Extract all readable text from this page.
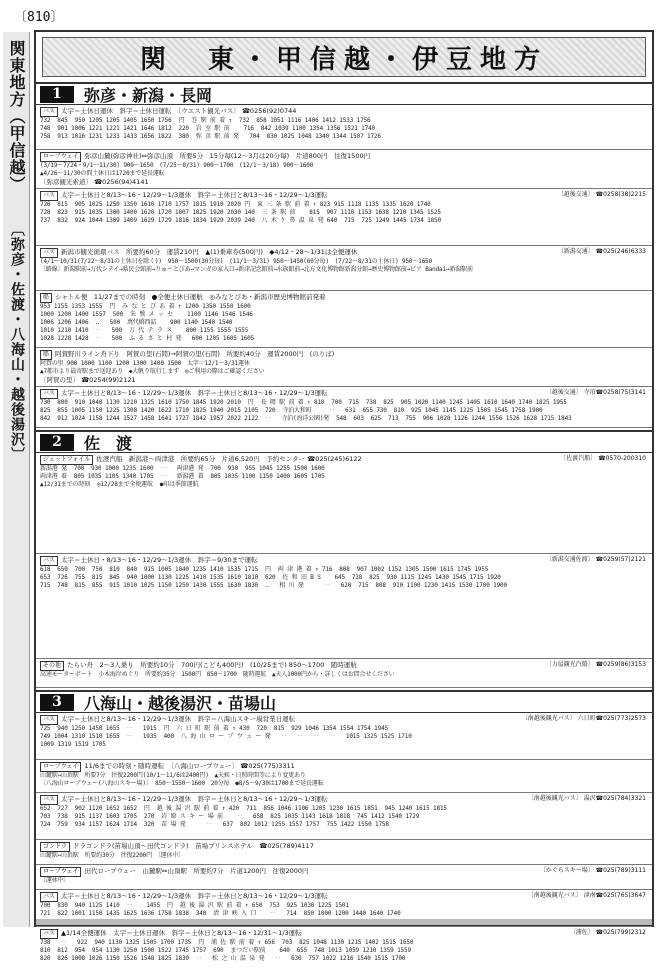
〔810〕
関東地方（甲信越）
〔弥彦・佐渡・八海山・越後湯沢〕
関　東・甲信越・伊豆地方
1	弥彦・新潟・長岡
バス 太字＝土休日運休　斜字＝土休日運転　〔ウエスト観光バス〕 ☎0256(92)0744
732  845  950 1205 1205 1405 1650 1756  円  巻 駅 前 着 ↑  732  858 1051 1116 1406 1412 1533 1756
748  901 1006 1221 1221 1421 1646 1812  220  岩 室 駅 前    716  842 1039 1100 1354 1356 1521 1740
758  913 1016 1231 1233 1433 1656 1822  380  弥 彦 駅 前 発   704  830 1025 1048 1340 1344 1507 1726
ロープウェイ 弥彦山麓(弥彦神社)⇔弥彦山頂　所要5分　15分毎(12〜3月は20分毎)　片道800円　往復1500円
(3/19〜7/24・9/1〜11/30) 900〜1650　(7/25〜8/31) 900〜1700　(12/1〜3/18) 900〜1600
▲4/26〜11/30の間土休日は1720まで延長運転
〔弥彦観光索道〕 ☎0256(94)4141
バス 太字＝土休日と8/13〜16・12/29〜1/3運休　斜字＝土休日と8/13〜16・12/29〜1/3運転
720  815  905 1025 1250 1350 1610 1710 1757 1815 1910 2020 円  東 三 条 駅 前 着 ↑ 823 915 1118 1135 1335 1620 1740
728  823  915 1035 1300 1400 1620 1720 1807 1825 1920 2030 140  三 条 駅 前    815  907 1110 1153 1638 1210 1345 1525
737  832  924 1044 1309 1409 1629 1729 1816 1834 1929 2039 240  八 木 ケ 鼻 温 泉 発 640  715  725 1249 1445 1734 1850
〔越後交通〕 ☎0258(38)2215
バス 新潟市観光循環バス　所要約60分　運賃210円　▲(1)乗車券(500円)　◆4/12・28〜1/31は全便運休
(4/1〜10/31(7/22〜8/31の土休日を除く))　950〜1500(30分毎)　(11/1〜3/31) 950〜1450(60分毎)　(7/22〜8/31の土休日) 950〜1650
〔路線〕新潟駅前→万代シテイ→県民会館前→りゅーとぴあ→マンガの家入口→新津記念館前→水族館前→北方文化博物館新潟分館→歴史博物館前→ピア Bandai→新潟駅前
〔新潟交通〕 ☎025(246)6333
船 シャトル便　11/27までの時刻　●全便土休日運航　◎みなとぴあ・新潟市歴史博物館前発着
953 1155 1353 1555  円  み な と ぴ あ 着 ↑ 1200 1350 1550 1600
1000 1200 1400 1557  500  朱 鷺 メ ッ セ    1100 1146 1546 1546
1006 1206 1406  ‥   500  萬代橋西詰    900 1140 1540 1540
1010 1210 1410  ‥   500  万 代 テ ラ ス    800 1155 1555 1555
1028 1228 1428  ‥   500  ふ る さ と 村 発   600 1205 1605 1605
船 阿賀野川ライン舟下り　阿賀の里(石間)→阿賀の里(石間)　所要約40分　運賃2000円　(のりば)
阿賀の里 900 1000 1100 1200 1300 1400 1500　太字＝12/1〜3/31運休
▲7都市より最寄駅まで送迎あり　◆大帆り航行します　◎ご利用の際はご確認ください
〔阿賀の里〕 ☎0254(99)2121
バス 太字＝土休日と8/13〜16・12/29〜1/3運休　斜字＝土休日と8/13〜16・12/29〜1/3運転
730  800  910 1040 1130 1210 1325 1610 1750 1845 1920 2010  円  長 岡 駅 前 着 ↑ 810  700  715  738  825  905 1020 1140 1245 1405 1610 1640 1740 1825 1955
825  855 1005 1150 1225 1308 1420 1622 1710 1825 1940 2015 2105  720  寺泊大和町     ‥   631  655 730  810  925 1045 1145 1225 1505 1545 1758 1900
842  912 1024 1158 1244 1527 1458 1641 1727 1842 1957 2022 2122  ‥   寺泊(海洋公園)発  548  603  625  713  755  906 1028 1126 1244 1556 1526 1628 1715 1843
〔越後交通〕 寺泊☎0258(75)3141
2	佐　渡
ジェットフォイル 佐渡汽船　新潟港〜両津港　所要約65分　片道6,520円　予約センター ☎025(245)6122
新潟港 発  700  930 1000 1235 1600  ‥   両津港 発  700  930  955 1045 1255 1500 1600
両津港 着  805 1035 1105 1340 1705  ‥   新潟港 着  805 1035 1100 1150 1400 1605 1705
▲12/31までの時刻  ◎12/28まで全便運航  ●印は季節運航
〔佐渡汽船〕 ☎0570-200310
バス 太字＝土休日・8/13〜16・12/29〜1/3運休　斜字＝9/30まで運転
618  650  700  750  810  840  915 1005 1040 1235 1410 1535 1715  円  両 津 港 着 ↑ 716  808  907 1002 1152 1305 1500 1615 1745 1955
653  726  755  815  845  940 1000 1130 1225 1410 1535 1610 1810  620  佐 和 田 B S    645  738  825  930 1115 1245 1430 1545 1715 1920
715  748  815  855  915 1010 1025 1150 1250 1430 1555 1630 1830  ‥   相 川 発      ‥   620  715  808  910 1100 1230 1415 1530 1700 1900
〔新潟交通佐渡〕 ☎0259(57)2121
その他 たらい舟　2〜3人乗り　所要約10分　700円(こども400円)　(10/25まで) 850〜1700　随時運航
高速モーターボート　小木海岸めぐり　所要約35分　1500円　850〜1700　随時運航　▲天人1000円から・詳しくはお問合せください
〔力屋観光汽船〕 ☎0259(86)3153
3	八海山・越後湯沢・苗場山
バス 太字＝土休日と8/13〜16・12/29〜1/3運休　斜字＝八海山スキー場営業日運転
725  940 1250 1450 1655  ‥   1915  円  六 日 町 駅 前 着 ↑ 430  720  815  929 1046 1354 1554 1754 1945
749 1004 1310 1510 1655  ‥   1935  400  八 海 山 ロ ー プ ウ ェ ー 発   ‥   ‥   ‥   ‥   1015 1325 1525 1710
1009 1319 1519 1705
〔南越後観光バス〕 六日町☎025(773)2573
ロープウェイ 11/6までの時刻・随時運転　〔八海山ロープウェー〕 ☎025(775)3311
山麓駅⇔山頂駅　所要7分　往復2200円(10/1〜11/6は2400円)　▲天候・日照時間等により変更あり
〔八海山ロープウェー(八海山スキー場)〕 850〜1550〜1600　20分毎　●8/5〜9/30は1700まで延長運転
バス 太字＝土休日と8/13〜16・12/29〜1/3運休　斜字＝土休日と8/13〜16・12/29〜1/3運転
652  727  902 1120 1652 1652  円  越 後 湯 沢 駅 前 着 ↑ 420  711  856 1046 1106 1205 1230 1615 1851  945 1240 1615 1815
703  738  915 1137 1603 1705  270  岩 原 ス キ ー 場 前    ‥   658  825 1035 1143 1618 1818  745 1412 1540 1729
724  759  934 1157 1624 1714  320  苗 場 発      ‥   637  802 1012 1255 1557 1757  755 1422 1550 1758
〔南越後観光バス〕 湯沢☎025(784)3321
ゴンドラ ドラゴンドラ(苗場山頂〜田代ゴンドラ)　苗場プリンスホテル　☎025(789)4117
山麓駅⇔山頂駅　所要約30分　往復2200円　〔運休中〕
ロープウェイ 田代ロープウェー　山麓駅⇔山頂駅　所要約7分　片道1200円　往復2000円
〔運休中〕
〔かぐらスキー場〕 ☎025(789)3111
バス 太字＝土休日と8/13〜16・12/29〜1/3運休　斜字＝土休日と8/13〜16・12/29〜1/3運転
700  830  940 1125 1410  ‥    1455  円  越 後 湯 沢 駅 前 着 ↑ 650  753  925 1030 1225 1501
721  822 1001 1150 1435 1625 1636 1758 1838  340  清 津 峡 入 口    ‥   714  850 1000 1200 1440 1640 1740
〔南越後観光バス〕 津南☎025(765)3647
バス ▲1/14全便運休　太字＝土休日運休　斜字＝土休日と8/13〜16・12/31〜1/3運転
738   ‥   922  940 1130 1325 1505 1700 1735  円  浦 佐 駅 前 着 ↑ 656  703  825 1048 1130 1215 1402 1515 1650
810  812  954  954 1130 1250 1500 1522 1745 1757  690  まつだい駅前    640  655  748 1013 1059 1210 1359 1559
820  826 1008 1026 1150 1526 1548 1825 1830  ‥   松 之 山 温 泉 発   ‥   630  757 1022 1216 1540 1515 1700
〔浦佐〕 ☎025(799)2312
